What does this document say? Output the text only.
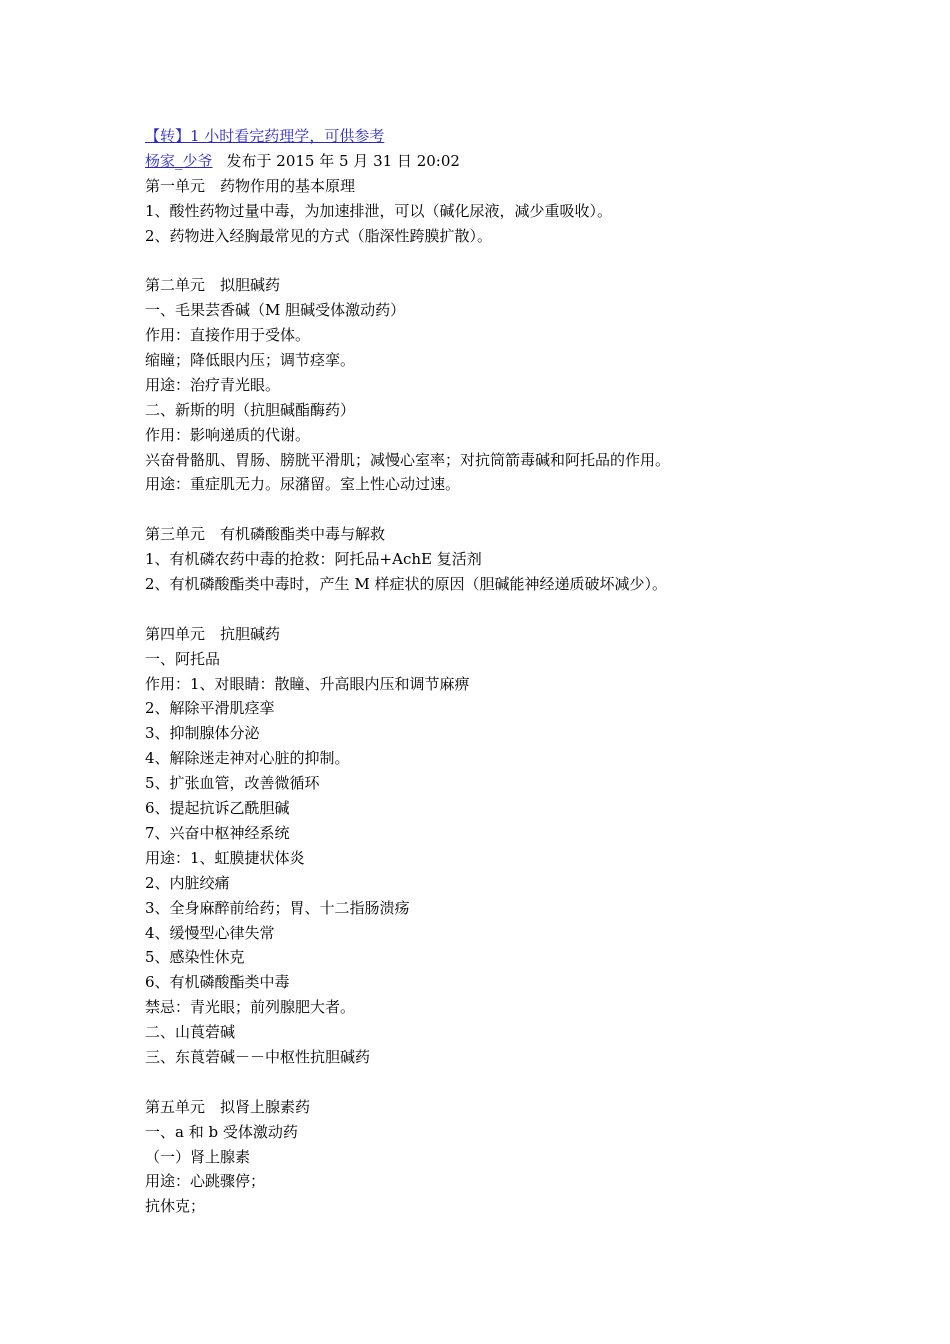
【转】1 小时看完药理学，可供参考
杨家_少爷 发布于 2015 年 5 月 31 日 20:02
第一单元　药物作用的基本原理
1、酸性药物过量中毒，为加速排泄，可以（碱化尿液，减少重吸收）。
2、药物进入经胸最常见的方式（脂深性跨膜扩散）。
第二单元　拟胆碱药
一、毛果芸香碱（M 胆碱受体激动药）
作用：直接作用于受体。
缩瞳；降低眼内压；调节痉挛。
用途：治疗青光眼。
二、新斯的明（抗胆碱酯酶药）
作用：影响递质的代谢。
兴奋骨骼肌、胃肠、膀胱平滑肌；减慢心室率；对抗筒箭毒碱和阿托品的作用。
用途：重症肌无力。尿潴留。室上性心动过速。
第三单元　有机磷酸酯类中毒与解救
1、有机磷农药中毒的抢救：阿托品+AchE 复活剂
2、有机磷酸酯类中毒时，产生 M 样症状的原因（胆碱能神经递质破坏减少）。
第四单元　抗胆碱药
一、阿托品
作用：1、对眼睛：散瞳、升高眼内压和调节麻痹
2、解除平滑肌痉挛
3、抑制腺体分泌
4、解除迷走神对心脏的抑制。
5、扩张血管，改善微循环
6、提起抗诉乙酰胆碱
7、兴奋中枢神经系统
用途：1、虹膜捷状体炎
2、内脏绞痛
3、全身麻醉前给药；胃、十二指肠溃疡
4、缓慢型心律失常
5、感染性休克
6、有机磷酸酯类中毒
禁忌：青光眼；前列腺肥大者。
二、山莨菪碱
三、东莨菪碱－－中枢性抗胆碱药
第五单元　拟肾上腺素药
一、a 和 b 受体激动药
（一）肾上腺素
用途：心跳骤停；
抗休克；
